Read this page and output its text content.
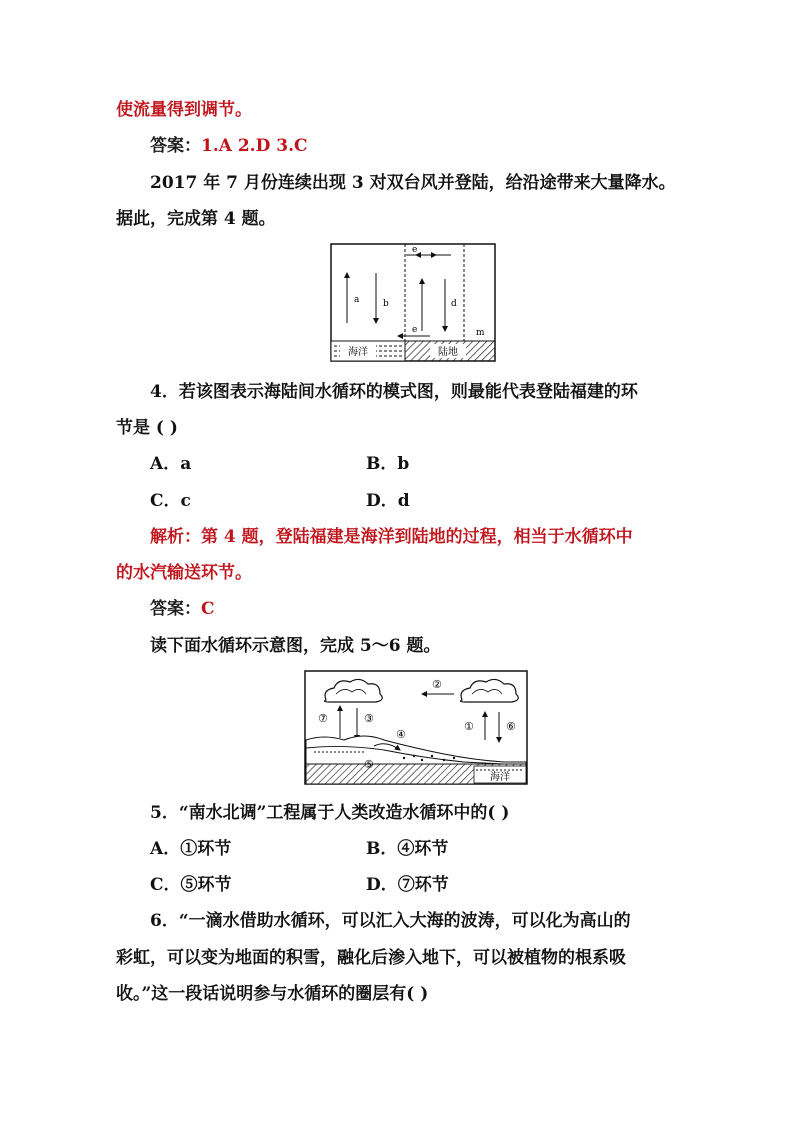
使流量得到调节。
答案：1.A 2.D 3.C
2017 年 7 月份连续出现 3 对双台风并登陆，给沿途带来大量降水。
据此，完成第 4 题。
海洋	陆地
a	b
e
d
e	m
4．若该图表示海陆间水循环的模式图，则最能代表登陆福建的环
节是 ( )
A．a	B．b
C．c	D．d
解析：第 4 题，登陆福建是海洋到陆地的过程，相当于水循环中
的水汽输送环节。
答案：C
读下面水循环示意图，完成 5～6 题。
②
⑦	③
①	⑥
海洋
④
⑤
5．“南水北调”工程属于人类改造水循环中的( )
A．①环节	B．④环节
C．⑤环节	D．⑦环节
6．“一滴水借助水循环，可以汇入大海的波涛，可以化为高山的
彩虹，可以变为地面的积雪，融化后渗入地下，可以被植物的根系吸
收。”这一段话说明参与水循环的圈层有( )
